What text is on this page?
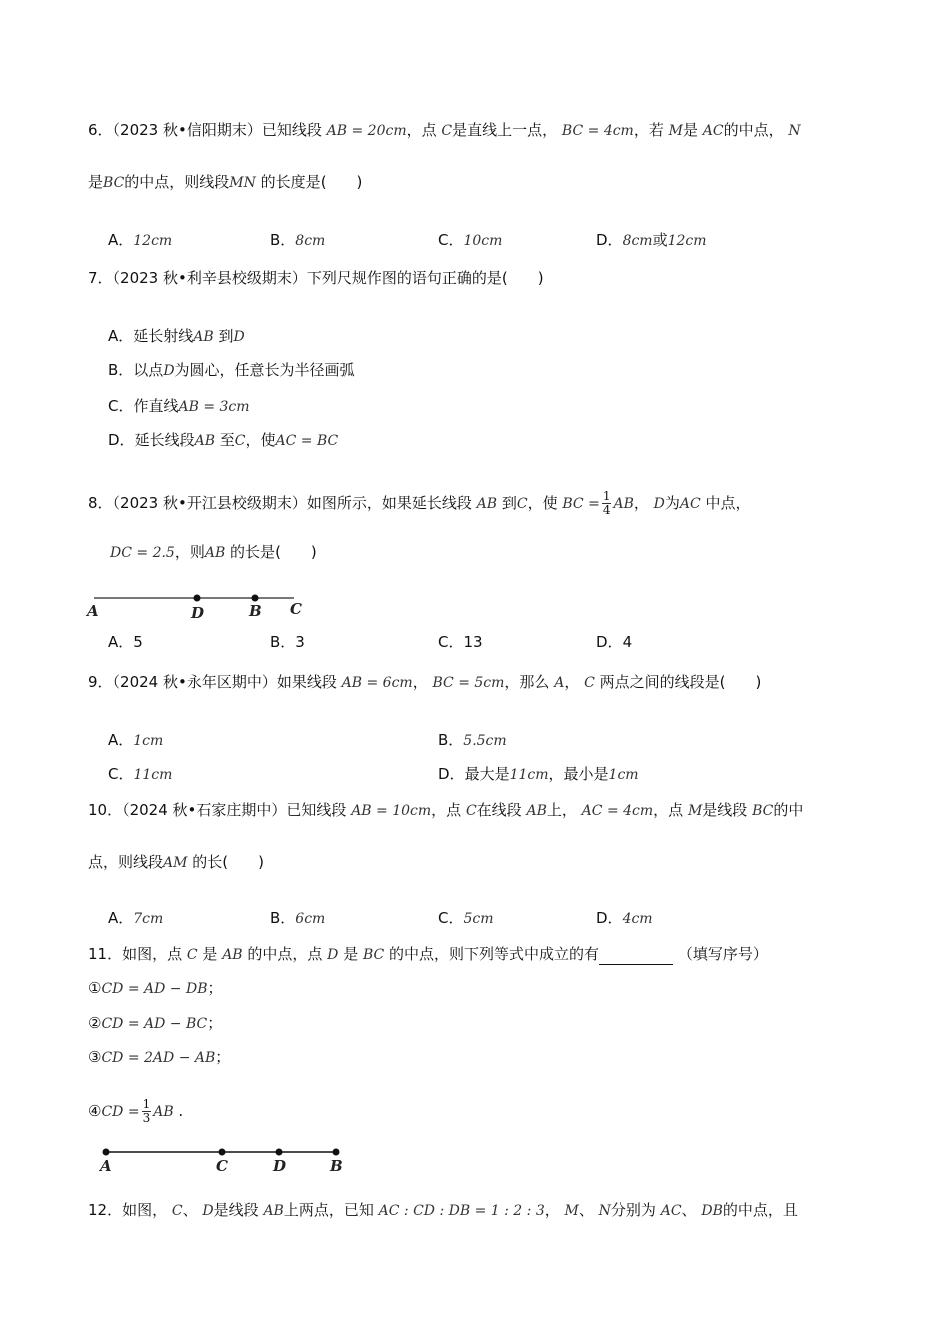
6．（2023 秋•信阳期末）已知线段 AB = 20cm，点 C是直线上一点， BC = 4cm，若 M是 AC的中点， N
是BC的中点，则线段MN 的长度是(　　)
A．12cm	B．8cm	C．10cm	D．8cm或12cm
7．（2023 秋•利辛县校级期末）下列尺规作图的语句正确的是(　　)
A．延长射线AB 到D
B．以点D为圆心，任意长为半径画弧
C．作直线AB = 3cm
D．延长线段AB 至C，使AC = BC
8．（2023 秋•开江县校级期末）如图所示，如果延长线段 AB 到C，使 BC = $\frac{1}{4}$ AB， D为AC 中点，
DC = 2.5，则AB 的长是(　　)
A	D	B C
A．5	B．3	C．13	D．4
9．（2024 秋•永年区期中）如果线段 AB = 6cm， BC = 5cm，那么 A， C 两点之间的线段是(　　)
A．1cm	B．5.5cm
C．11cm	D．最大是11cm，最小是1cm
10．（2024 秋•石家庄期中）已知线段 AB = 10cm，点 C在线段 AB上， AC = 4cm，点 M是线段 BC的中
点，则线段AM 的长(　　)
A．7cm	B．6cm	C．5cm	D．4cm
11．如图，点 C 是 AB 的中点，点 D 是 BC 的中点，则下列等式中成立的有	（填写序号）
①CD = AD − DB；
②CD = AD − BC；
③CD = 2AD − AB；
④CD = $\frac{1}{3}$ AB .
A	C	D	B
12．如图， C、 D是线段 AB上两点，已知 AC : CD : DB = 1 : 2 : 3， M、 N分别为 AC、 DB的中点，且
